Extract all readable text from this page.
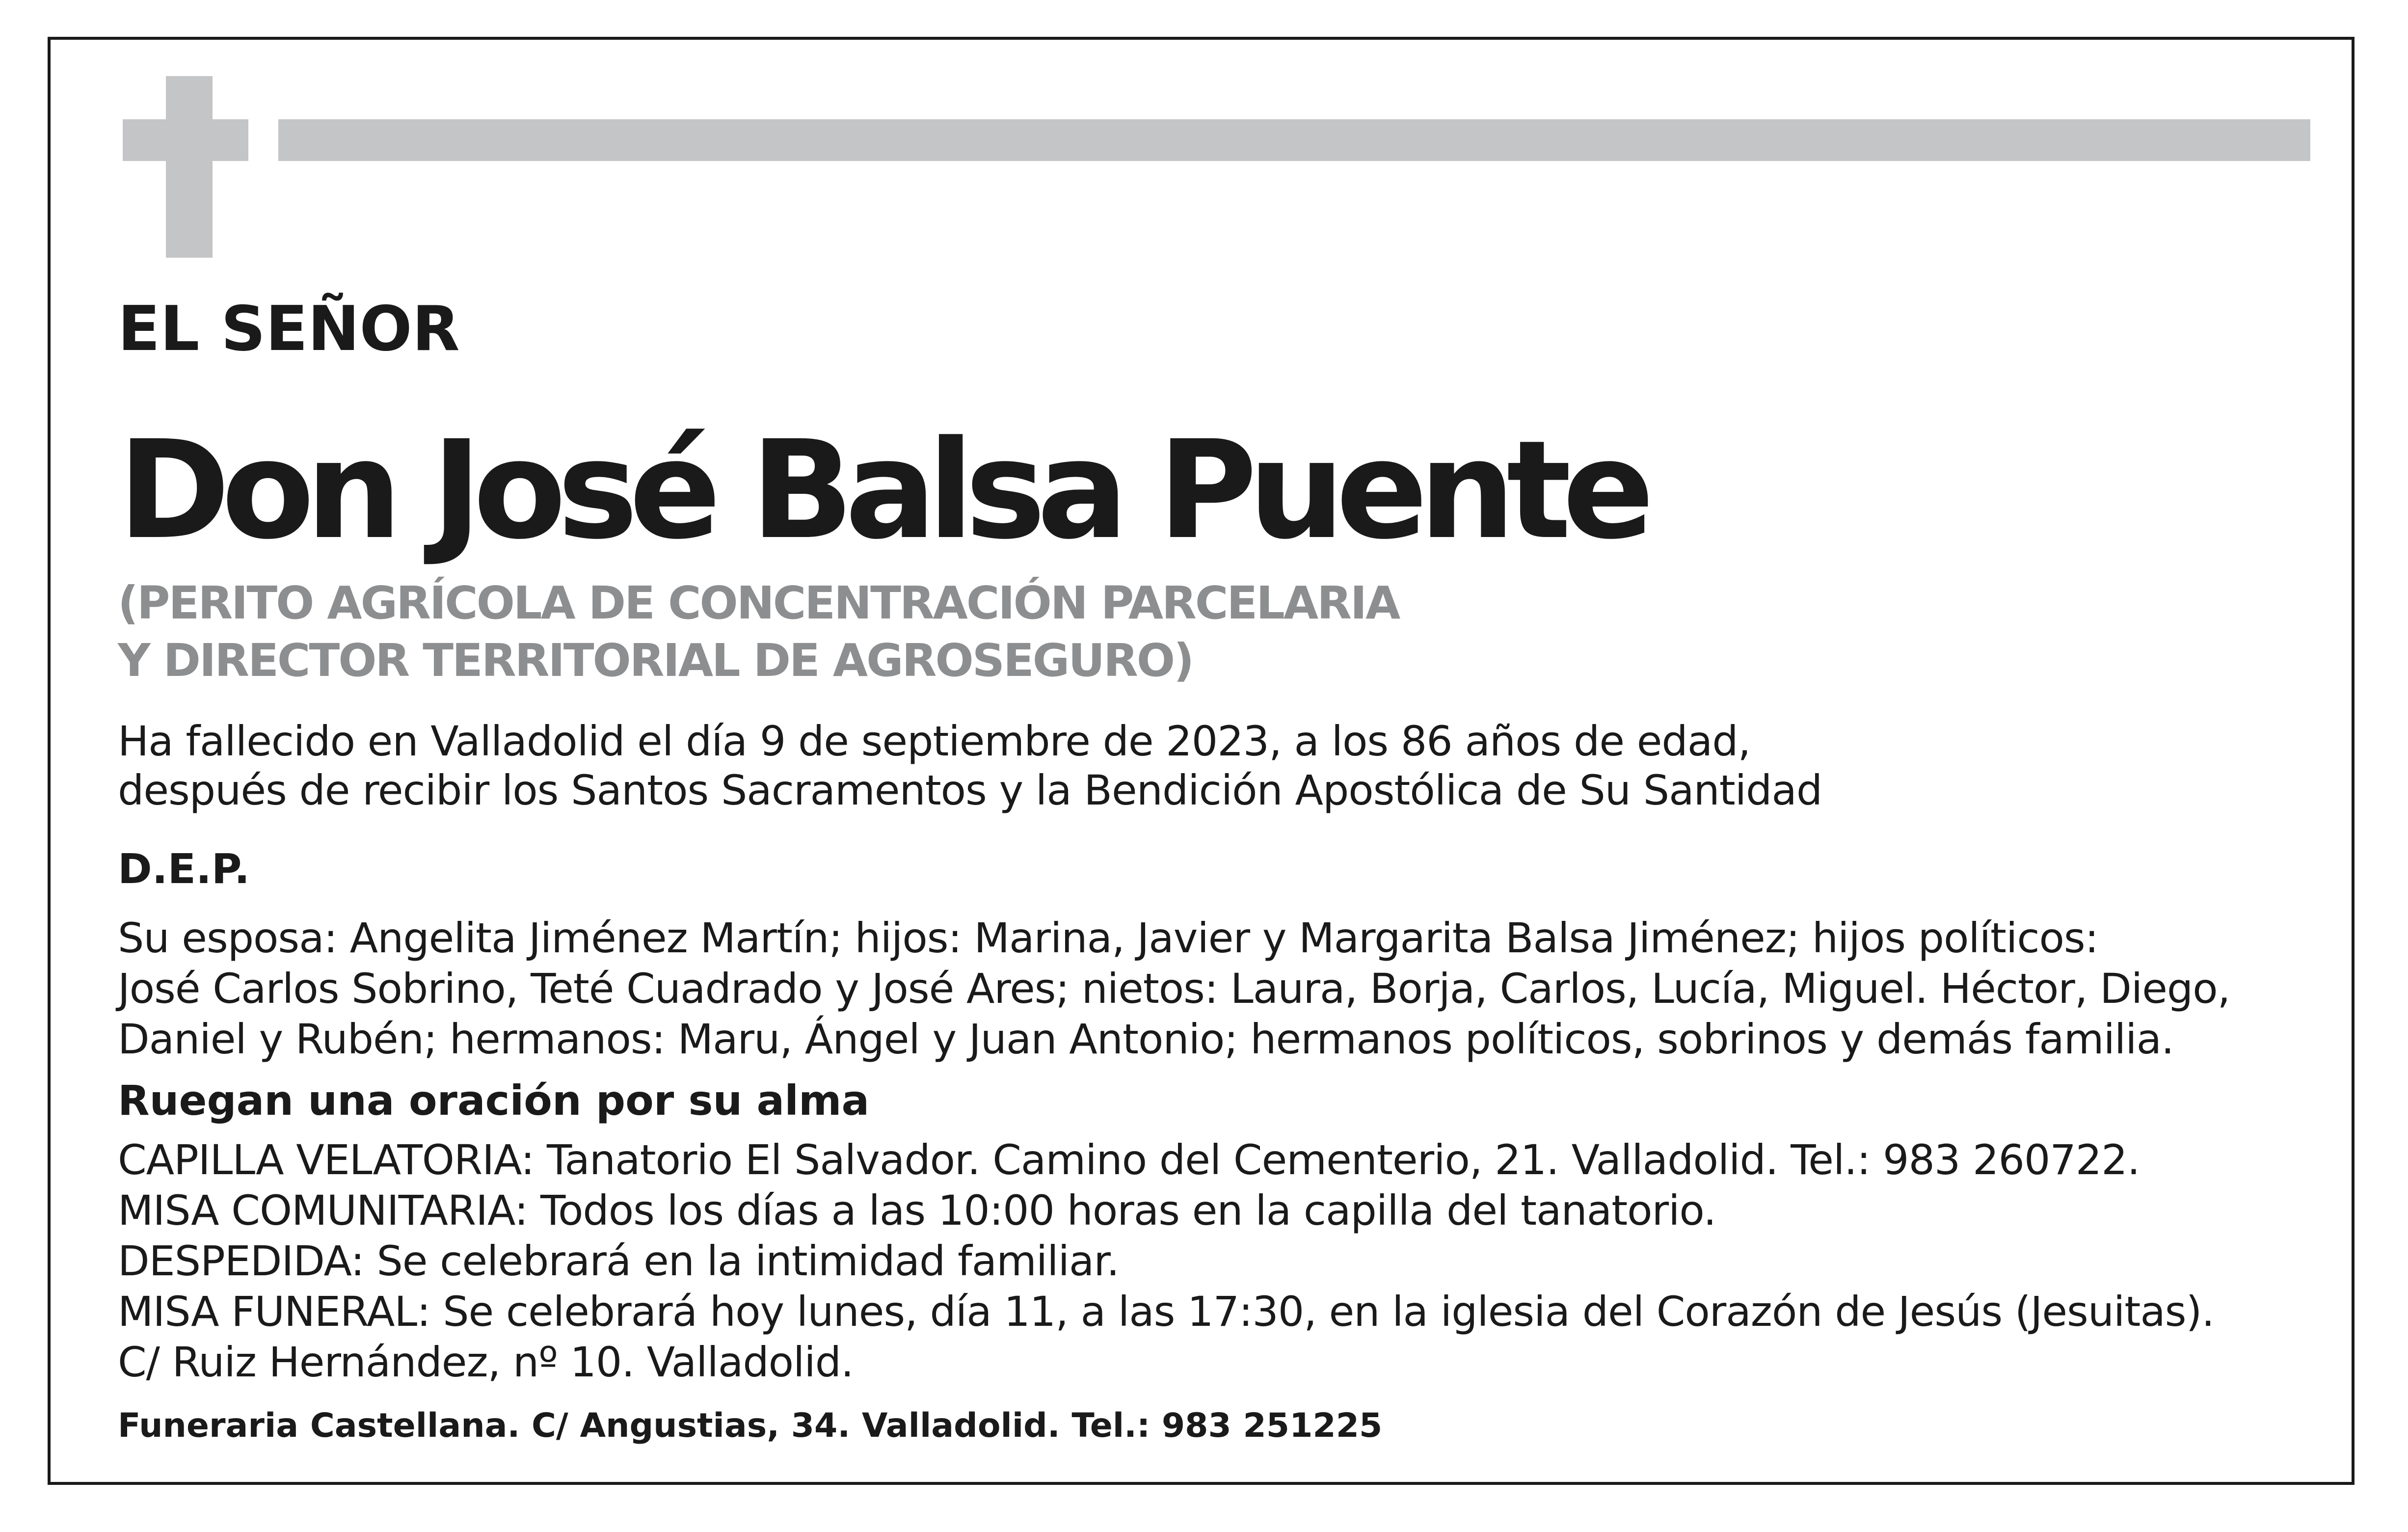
EL SEÑOR

Don José Balsa Puente

(PERITO AGRÍCOLA DE CONCENTRACIÓN PARCELARIA
Y DIRECTOR TERRITORIAL DE AGROSEGURO)

Ha fallecido en Valladolid el día 9 de septiembre de 2023, a los 86 años de edad,
después de recibir los Santos Sacramentos y la Bendición Apostólica de Su Santidad

D.E.P.

Su esposa: Angelita Jiménez Martín; hijos: Marina, Javier y Margarita Balsa Jiménez; hijos políticos:
José Carlos Sobrino, Teté Cuadrado y José Ares; nietos: Laura, Borja, Carlos, Lucía, Miguel. Héctor, Diego,
Daniel y Rubén; hermanos: Maru, Ángel y Juan Antonio; hermanos políticos, sobrinos y demás familia.

Ruegan una oración por su alma

CAPILLA VELATORIA: Tanatorio El Salvador. Camino del Cementerio, 21. Valladolid. Tel.: 983 260722.
MISA COMUNITARIA: Todos los días a las 10:00 horas en la capilla del tanatorio.
DESPEDIDA: Se celebrará en la intimidad familiar.
MISA FUNERAL: Se celebrará hoy lunes, día 11, a las 17:30, en la iglesia del Corazón de Jesús (Jesuitas).
C/ Ruiz Hernández, nº 10. Valladolid.

Funeraria Castellana. C/ Angustias, 34. Valladolid. Tel.: 983 251225
